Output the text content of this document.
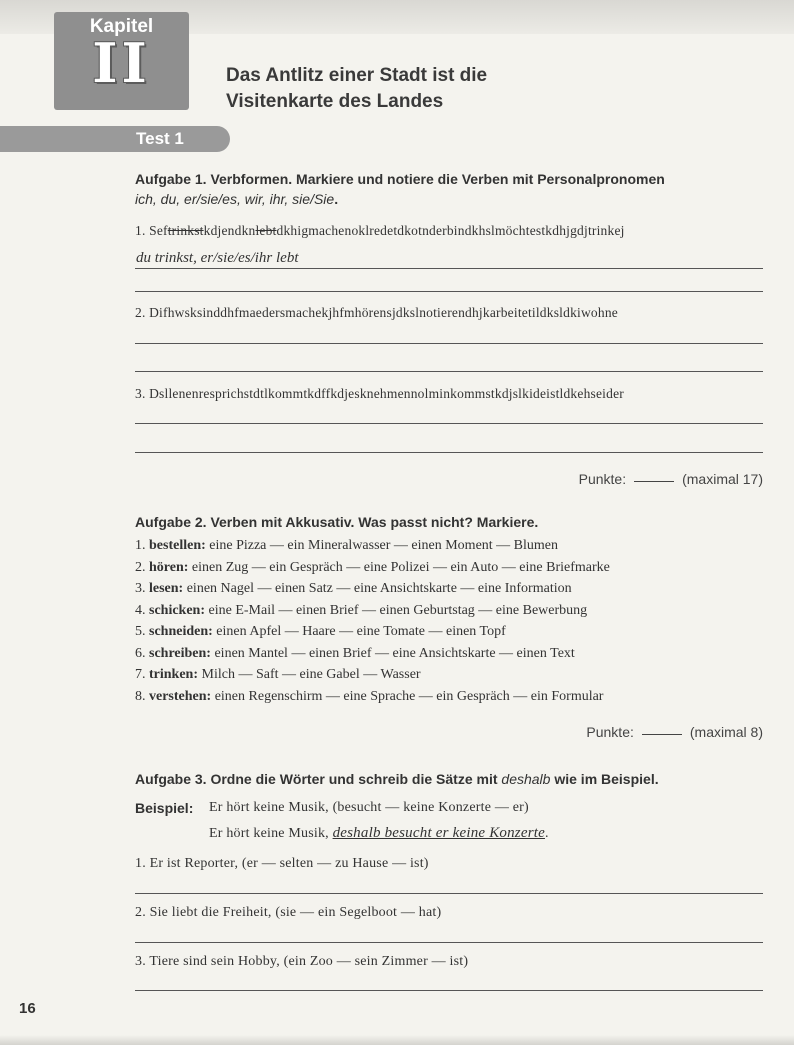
Kapitel
II	Das Antlitz einer Stadt ist die
Visitenkarte des Landes
Test 1

Aufgabe 1. Verbformen. Markiere und notiere die Verben mit Personalpronomen

ich, du, er/sie/es, wir, ihr, sie/Sie.
1. Seftrinkstkdjendknlebtdkhigmachenoklredetdkotnderbindkhslmöchtestkdhjgdjtrinkej
du trinkst, er/sie/es/ihr lebt
2. Difhwsksinddhfmaedersmachekjhfmhörensjdkslnotierendhjkarbeitetildksldkiwohne
3. Dsllenenresprichstdtlkommtkdffkdjesknehmennolminkommstkdjslkideistldkehseider
Punkte:	(maximal 17)

Aufgabe 2. Verben mit Akkusativ. Was passt nicht? Markiere.

1. bestellen: eine Pizza — ein Mineralwasser — einen Moment — Blumen
2. hören: einen Zug — ein Gespräch — eine Polizei — ein Auto — eine Briefmarke
3. lesen: einen Nagel — einen Satz — eine Ansichtskarte — eine Information
4. schicken: eine E-Mail — einen Brief — einen Geburtstag — eine Bewerbung
5. schneiden: einen Apfel — Haare — eine Tomate — einen Topf
6. schreiben: einen Mantel — einen Brief — eine Ansichtskarte — einen Text
7. trinken: Milch — Saft — eine Gabel — Wasser
8. verstehen: einen Regenschirm — eine Sprache — ein Gespräch — ein Formular
Punkte:	(maximal 8)

Aufgabe 3. Ordne die Wörter und schreib die Sätze mit deshalb wie im Beispiel.

Beispiel: Er hört keine Musik, (besucht — keine Konzerte — er)
Er hört keine Musik, deshalb besucht er keine Konzerte.
1. Er ist Reporter, (er — selten — zu Hause — ist)
2. Sie liebt die Freiheit, (sie — ein Segelboot — hat)
3. Tiere sind sein Hobby, (ein Zoo — sein Zimmer — ist)
16
